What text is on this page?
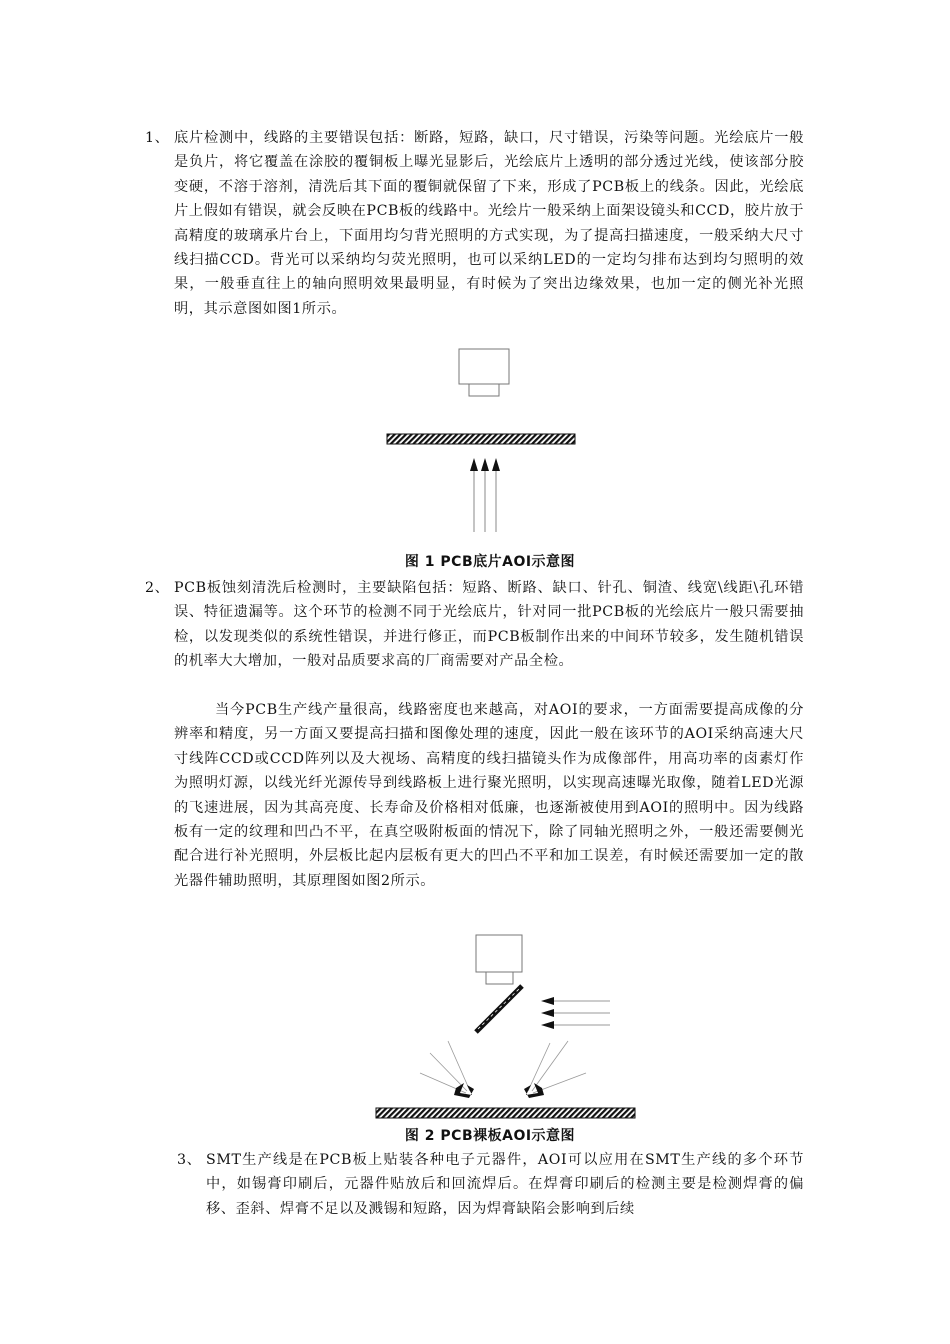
1、 底片检测中，线路的主要错误包括：断路，短路，缺口，尺寸错误，污染等问题。光绘底片一般是负片，将它覆盖在涂胶的覆铜板上曝光显影后，光绘底片上透明的部分透过光线，使该部分胶变硬，不溶于溶剂，清洗后其下面的覆铜就保留了下来，形成了PCB板上的线条。因此，光绘底片上假如有错误，就会反映在PCB板的线路中。光绘片一般采纳上面架设镜头和CCD，胶片放于高精度的玻璃承片台上，下面用均匀背光照明的方式实现，为了提高扫描速度，一般采纳大尺寸线扫描CCD。背光可以采纳均匀荧光照明，也可以采纳LED的一定均匀排布达到均匀照明的效果，一般垂直往上的轴向照明效果最明显，有时候为了突出边缘效果，也加一定的侧光补光照明，其示意图如图1所示。
图 1 PCB底片AOI示意图
2、 PCB板蚀刻清洗后检测时，主要缺陷包括：短路、断路、缺口、针孔、铜渣、线宽\线距\孔环错误、特征遗漏等。这个环节的检测不同于光绘底片，针对同一批PCB板的光绘底片一般只需要抽检，以发现类似的系统性错误，并进行修正，而PCB板制作出来的中间环节较多，发生随机错误的机率大大增加，一般对品质要求高的厂商需要对产品全检。
当今PCB生产线产量很高，线路密度也来越高，对AOI的要求，一方面需要提高成像的分辨率和精度，另一方面又要提高扫描和图像处理的速度，因此一般在该环节的AOI采纳高速大尺寸线阵CCD或CCD阵列以及大视场、高精度的线扫描镜头作为成像部件，用高功率的卤素灯作为照明灯源，以线光纤光源传导到线路板上进行聚光照明，以实现高速曝光取像，随着LED光源的飞速进展，因为其高亮度、长寿命及价格相对低廉，也逐渐被使用到AOI的照明中。因为线路板有一定的纹理和凹凸不平，在真空吸附板面的情况下，除了同轴光照明之外，一般还需要侧光配合进行补光照明，外层板比起内层板有更大的凹凸不平和加工误差，有时候还需要加一定的散光器件辅助照明，其原理图如图2所示。
图 2 PCB裸板AOI示意图
3、 SMT生产线是在PCB板上贴装各种电子元器件，AOI可以应用在SMT生产线的多个环节中，如锡膏印刷后，元器件贴放后和回流焊后。在焊膏印刷后的检测主要是检测焊膏的偏移、歪斜、焊膏不足以及溅锡和短路，因为焊膏缺陷会影响到后续
